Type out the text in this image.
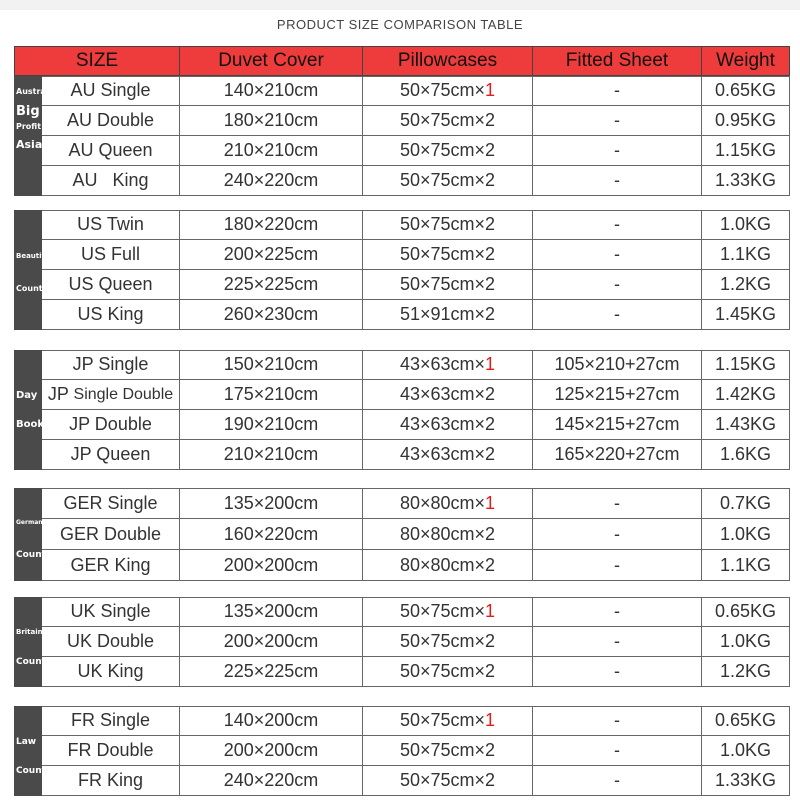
PRODUCT SIZE COMPARISON TABLE
SIZE	Duvet Cover	Pillowcases	Fitted Sheet	Weight
AU Single	140×210cm	50×75cm× 1	-	0.65KG
AU Double	180×210cm	50×75cm×2	-	0.95KG
AU Queen	210×210cm	50×75cm×2	-	1.15KG
AU   King	240×220cm	50×75cm×2	-	1.33KG
Austral
Big
Profit
Asia
US Twin	180×220cm	50×75cm×2	-	1.0KG
US Full	200×225cm	50×75cm×2	-	1.1KG
US Queen	225×225cm	50×75cm×2	-	1.2KG
US King	260×230cm	51×91cm×2	-	1.45KG
Beautif
Count
JP Single	150×210cm	43×63cm× 1	105×210+27cm	1.15KG
JP Single Double	175×210cm	43×63cm×2	125×215+27cm	1.42KG
JP Double	190×210cm	43×63cm×2	145×215+27cm	1.43KG
JP Queen	210×210cm	43×63cm×2	165×220+27cm	1.6KG
Day
Book
GER Single	135×200cm	80×80cm× 1	-	0.7KG
GER Double	160×220cm	80×80cm×2	-	1.0KG
GER King	200×200cm	80×80cm×2	-	1.1KG
Germany
Countr
UK Single	135×200cm	50×75cm× 1	-	0.65KG
UK Double	200×200cm	50×75cm×2	-	1.0KG
UK King	225×225cm	50×75cm×2	-	1.2KG
Britain
Countr
FR Single	140×200cm	50×75cm× 1	-	0.65KG
FR Double	200×200cm	50×75cm×2	-	1.0KG
FR King	240×220cm	50×75cm×2	-	1.33KG
Law
Countr
